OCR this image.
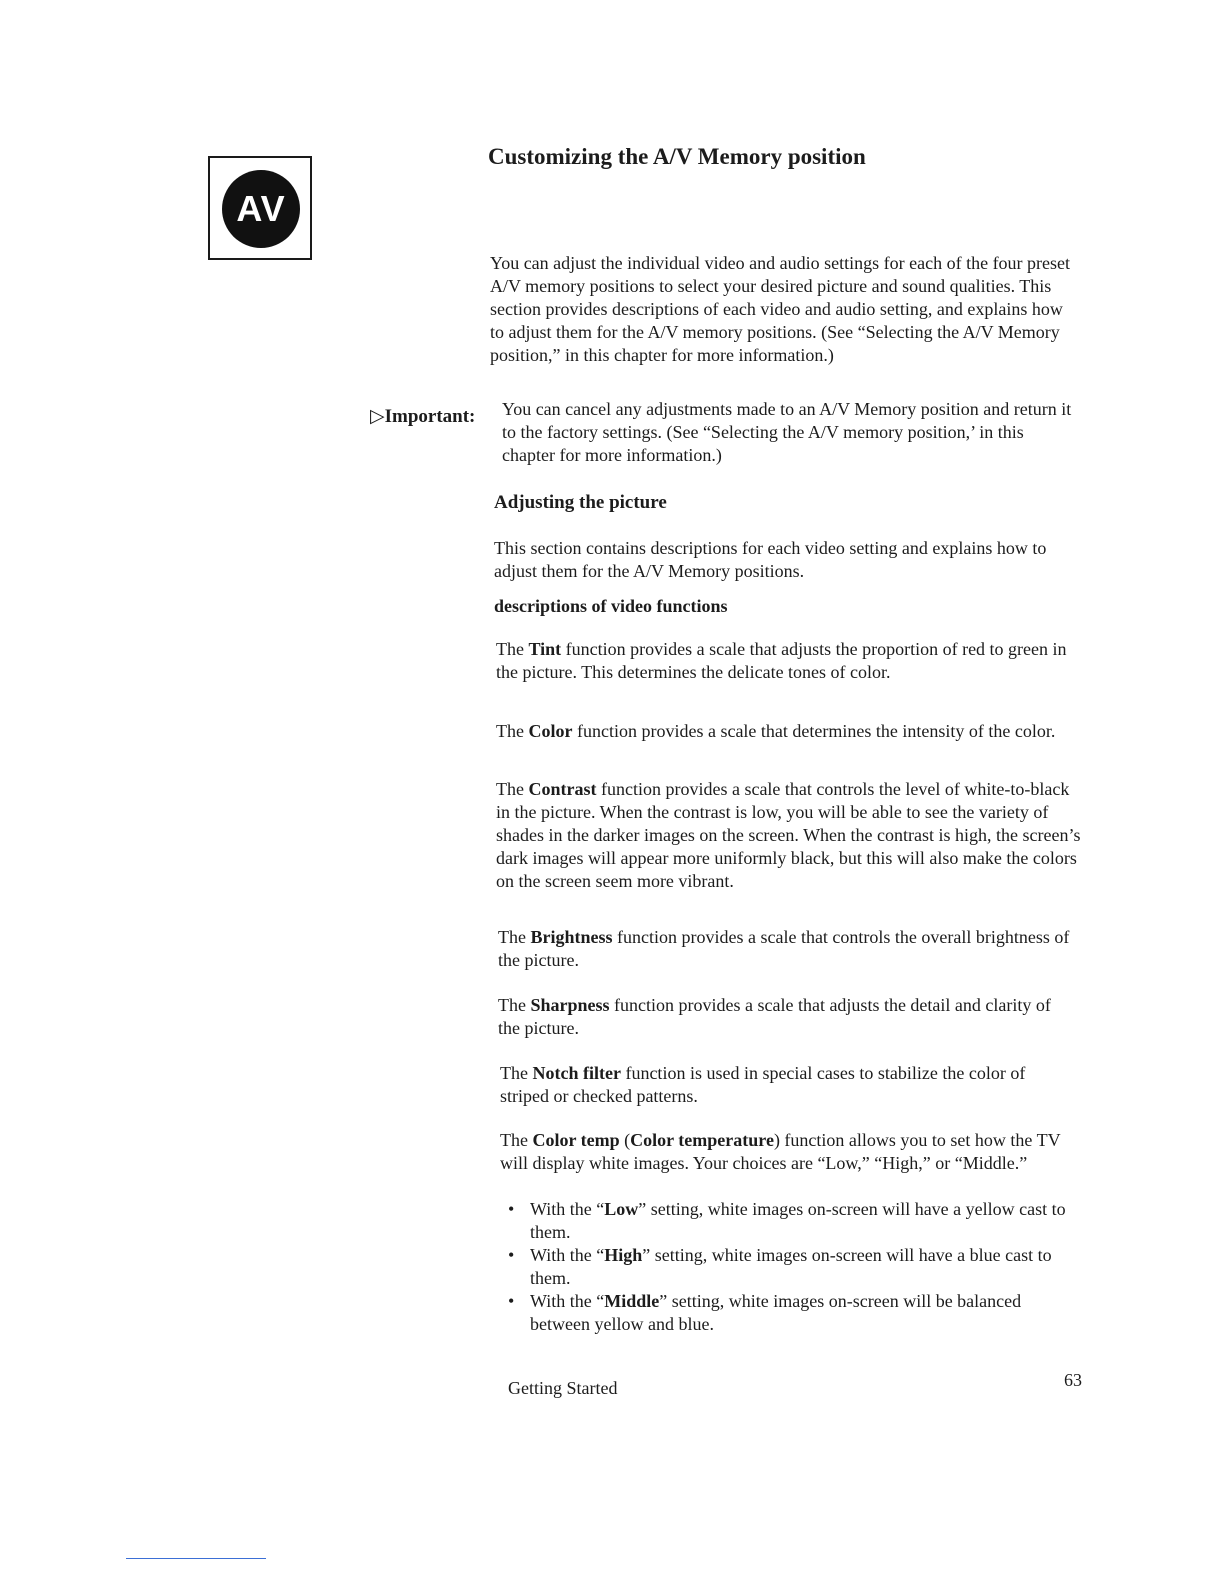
AV
Customizing the A/V Memory position

You can adjust the individual video and audio settings for each of the four preset A/V memory positions to select your desired picture and sound qualities. This section provides descriptions of each video and audio setting, and explains how to adjust them for the A/V memory positions. (See “Selecting the A/V Memory position,” in this chapter for more information.)

▷Important: You can cancel any adjustments made to an A/V Memory position and return it to the factory settings. (See “Selecting the A/V memory position,’ in this chapter for more information.)

Adjusting the picture

This section contains descriptions for each video setting and explains how to adjust them for the A/V Memory positions.

descriptions of video functions

The Tint function provides a scale that adjusts the proportion of red to green in the picture. This determines the delicate tones of color.

The Color function provides a scale that determines the intensity of the color.

The Contrast function provides a scale that controls the level of white-to-black in the picture. When the contrast is low, you will be able to see the variety of shades in the darker images on the screen. When the contrast is high, the screen’s dark images will appear more uniformly black, but this will also make the colors on the screen seem more vibrant.

The Brightness function provides a scale that controls the overall brightness of the picture.

The Sharpness function provides a scale that adjusts the detail and clarity of the picture.

The Notch filter function is used in special cases to stabilize the color of striped or checked patterns.

The Color temp (Color temperature) function allows you to set how the TV will display white images. Your choices are “Low,” “High,” or “Middle.”

• With the “Low” setting, white images on-screen will have a yellow cast to them.
• With the “High” setting, white images on-screen will have a blue cast to them.
• With the “Middle” setting, white images on-screen will be balanced between yellow and blue.
Getting Started	63
